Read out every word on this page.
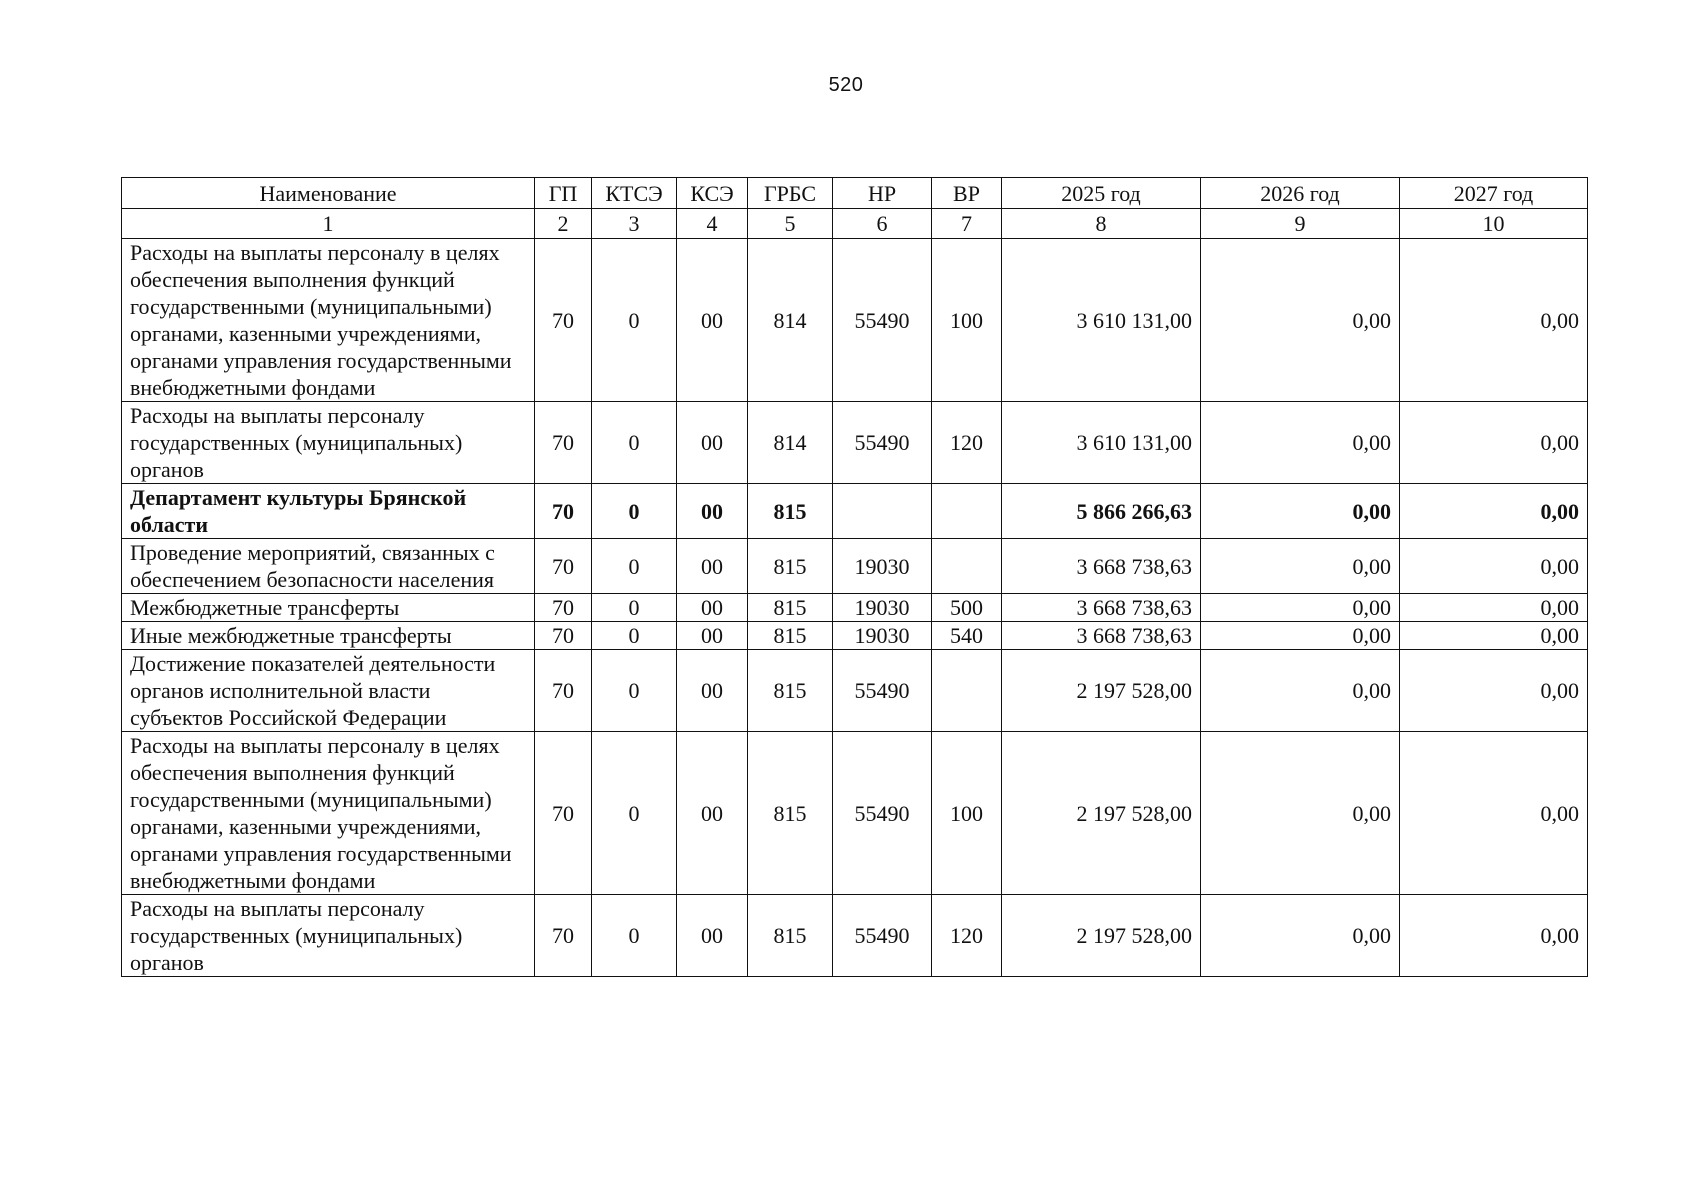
520
Наименование	ГП	КТСЭ	КСЭ	ГРБС	НР	ВР	2025 год	2026 год	2027 год
1	2	3	4	5	6	7	8	9	10
Расходы на выплаты персоналу в целях обеспечения выполнения функций государственными (муниципальными) органами, казенными учреждениями, органами управления государственными внебюджетными фондами	70	0	00	814	55490	100	3 610 131,00	0,00	0,00
Расходы на выплаты персоналу государственных (муниципальных) органов	70	0	00	814	55490	120	3 610 131,00	0,00	0,00
Департамент культуры Брянской области	70	0	00	815			5 866 266,63	0,00	0,00
Проведение мероприятий, связанных с обеспечением безопасности населения	70	0	00	815	19030		3 668 738,63	0,00	0,00
Межбюджетные трансферты	70	0	00	815	19030	500	3 668 738,63	0,00	0,00
Иные межбюджетные трансферты	70	0	00	815	19030	540	3 668 738,63	0,00	0,00
Достижение показателей деятельности органов исполнительной власти субъектов Российской Федерации	70	0	00	815	55490		2 197 528,00	0,00	0,00
Расходы на выплаты персоналу в целях обеспечения выполнения функций государственными (муниципальными) органами, казенными учреждениями, органами управления государственными внебюджетными фондами	70	0	00	815	55490	100	2 197 528,00	0,00	0,00
Расходы на выплаты персоналу государственных (муниципальных) органов	70	0	00	815	55490	120	2 197 528,00	0,00	0,00
